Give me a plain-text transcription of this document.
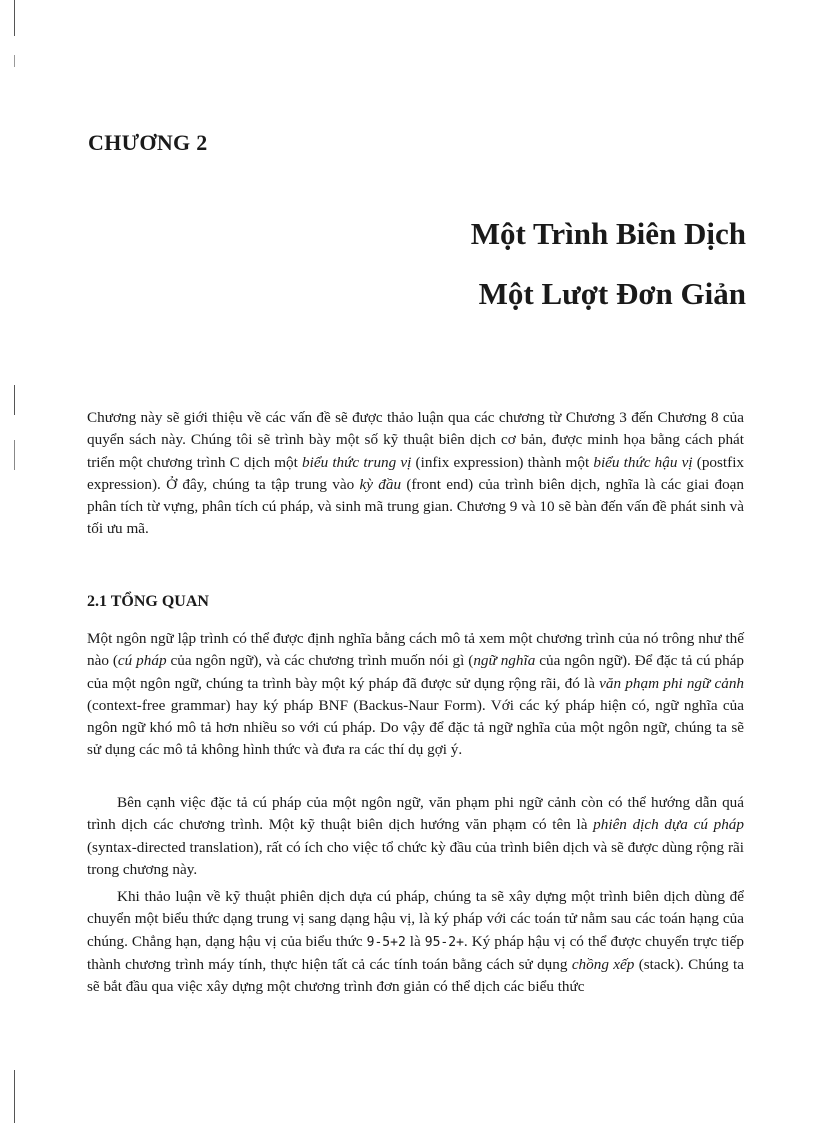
CHƯƠNG 2
Một Trình Biên Dịch
Một Lượt Đơn Giản

Chương này sẽ giới thiệu về các vấn đề sẽ được thảo luận qua các chương từ Chương 3 đến Chương 8 của quyển sách này. Chúng tôi sẽ trình bày một số kỹ thuật biên dịch cơ bản, được minh họa bằng cách phát triển một chương trình C dịch một biểu thức trung vị (infix expression) thành một biểu thức hậu vị (postfix expression). Ở đây, chúng ta tập trung vào kỳ đầu (front end) của trình biên dịch, nghĩa là các giai đoạn phân tích từ vựng, phân tích cú pháp, và sinh mã trung gian. Chương 9 và 10 sẽ bàn đến vấn đề phát sinh và tối ưu mã.

2.1 TỔNG QUAN

Một ngôn ngữ lập trình có thể được định nghĩa bằng cách mô tả xem một chương trình của nó trông như thế nào (cú pháp của ngôn ngữ), và các chương trình muốn nói gì (ngữ nghĩa của ngôn ngữ). Để đặc tả cú pháp của một ngôn ngữ, chúng ta trình bày một ký pháp đã được sử dụng rộng rãi, đó là văn phạm phi ngữ cảnh (context-free grammar) hay ký pháp BNF (Backus-Naur Form). Với các ký pháp hiện có, ngữ nghĩa của ngôn ngữ khó mô tả hơn nhiều so với cú pháp. Do vậy để đặc tả ngữ nghĩa của một ngôn ngữ, chúng ta sẽ sử dụng các mô tả không hình thức và đưa ra các thí dụ gợi ý.

Bên cạnh việc đặc tả cú pháp của một ngôn ngữ, văn phạm phi ngữ cảnh còn có thể hướng dẫn quá trình dịch các chương trình. Một kỹ thuật biên dịch hướng văn phạm có tên là phiên dịch dựa cú pháp (syntax-directed translation), rất có ích cho việc tổ chức kỳ đầu của trình biên dịch và sẽ được dùng rộng rãi trong chương này.

Khi thảo luận về kỹ thuật phiên dịch dựa cú pháp, chúng ta sẽ xây dựng một trình biên dịch dùng để chuyển một biểu thức dạng trung vị sang dạng hậu vị, là ký pháp với các toán tử nằm sau các toán hạng của chúng. Chẳng hạn, dạng hậu vị của biểu thức 9-5+2 là 95-2+. Ký pháp hậu vị có thể được chuyển trực tiếp thành chương trình máy tính, thực hiện tất cả các tính toán bằng cách sử dụng chồng xếp (stack). Chúng ta sẽ bắt đầu qua việc xây dựng một chương trình đơn giản có thể dịch các biểu thức
